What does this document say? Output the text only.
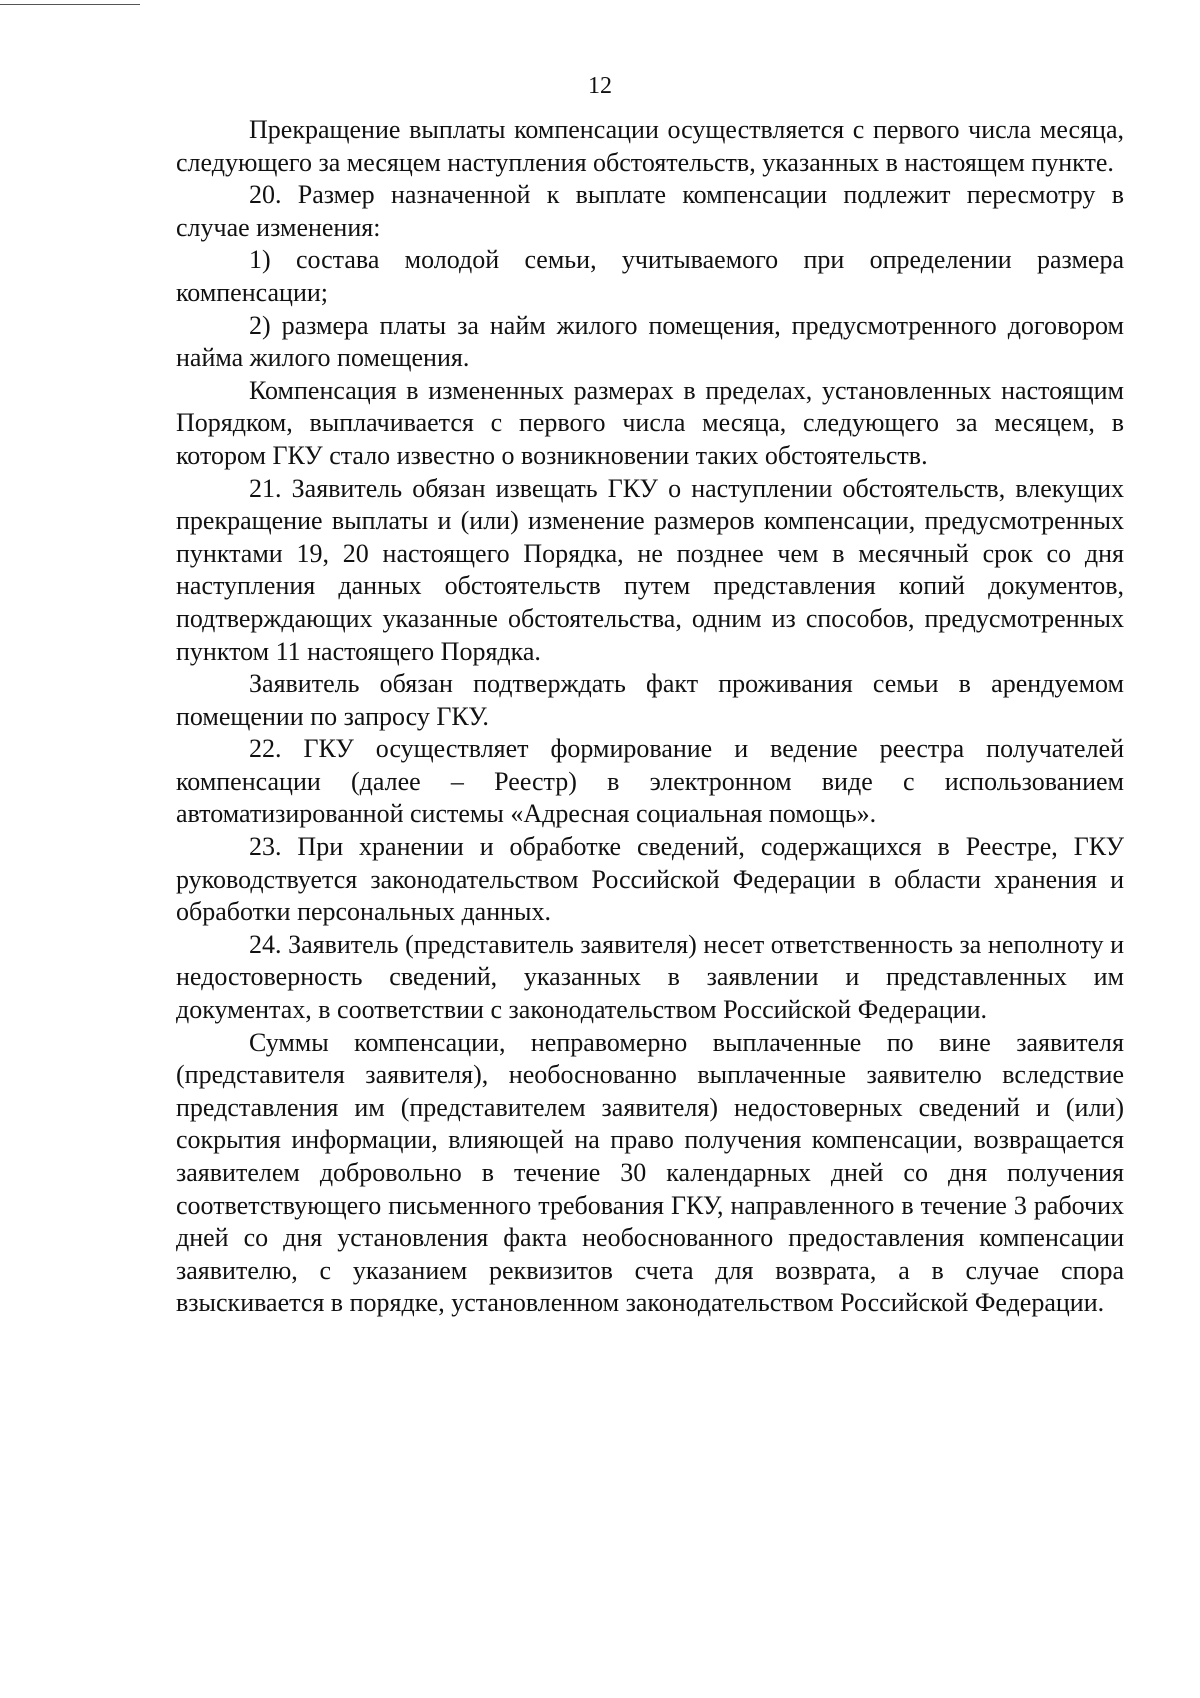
12

Прекращение выплаты компенсации осуществляется с первого числа месяца, следующего за месяцем наступления обстоятельств, указанных в настоящем пункте.

20. Размер назначенной к выплате компенсации подлежит пересмотру в случае изменения:

1) состава молодой семьи, учитываемого при определении размера компенсации;

2) размера платы за найм жилого помещения, предусмотренного договором найма жилого помещения.

Компенсация в измененных размерах в пределах, установленных настоящим Порядком, выплачивается с первого числа месяца, следующего за месяцем, в котором ГКУ стало известно о возникновении таких обстоятельств.

21. Заявитель обязан извещать ГКУ о наступлении обстоятельств, влекущих прекращение выплаты и (или) изменение размеров компенсации, предусмотренных пунктами 19, 20 настоящего Порядка, не позднее чем в месячный срок со дня наступления данных обстоятельств путем представления копий документов, подтверждающих указанные обстоятельства, одним из способов, предусмотренных пунктом 11 настоящего Порядка.

Заявитель обязан подтверждать факт проживания семьи в арендуемом помещении по запросу ГКУ.

22. ГКУ осуществляет формирование и ведение реестра получателей компенсации (далее – Реестр) в электронном виде с использованием автоматизированной системы «Адресная социальная помощь».

23. При хранении и обработке сведений, содержащихся в Реестре, ГКУ руководствуется законодательством Российской Федерации в области хранения и обработки персональных данных.

24. Заявитель (представитель заявителя) несет ответственность за неполноту и недостоверность сведений, указанных в заявлении и представленных им документах, в соответствии с законодательством Российской Федерации.

Суммы компенсации, неправомерно выплаченные по вине заявителя (представителя заявителя), необоснованно выплаченные заявителю вследствие представления им (представителем заявителя) недостоверных сведений и (или) сокрытия информации, влияющей на право получения компенсации, возвращается заявителем добровольно в течение 30 календарных дней со дня получения соответствующего письменного требования ГКУ, направленного в течение 3 рабочих дней со дня установления факта необоснованного предоставления компенсации заявителю, с указанием реквизитов счета для возврата, а в случае спора взыскивается в порядке, установленном законодательством Российской Федерации.
